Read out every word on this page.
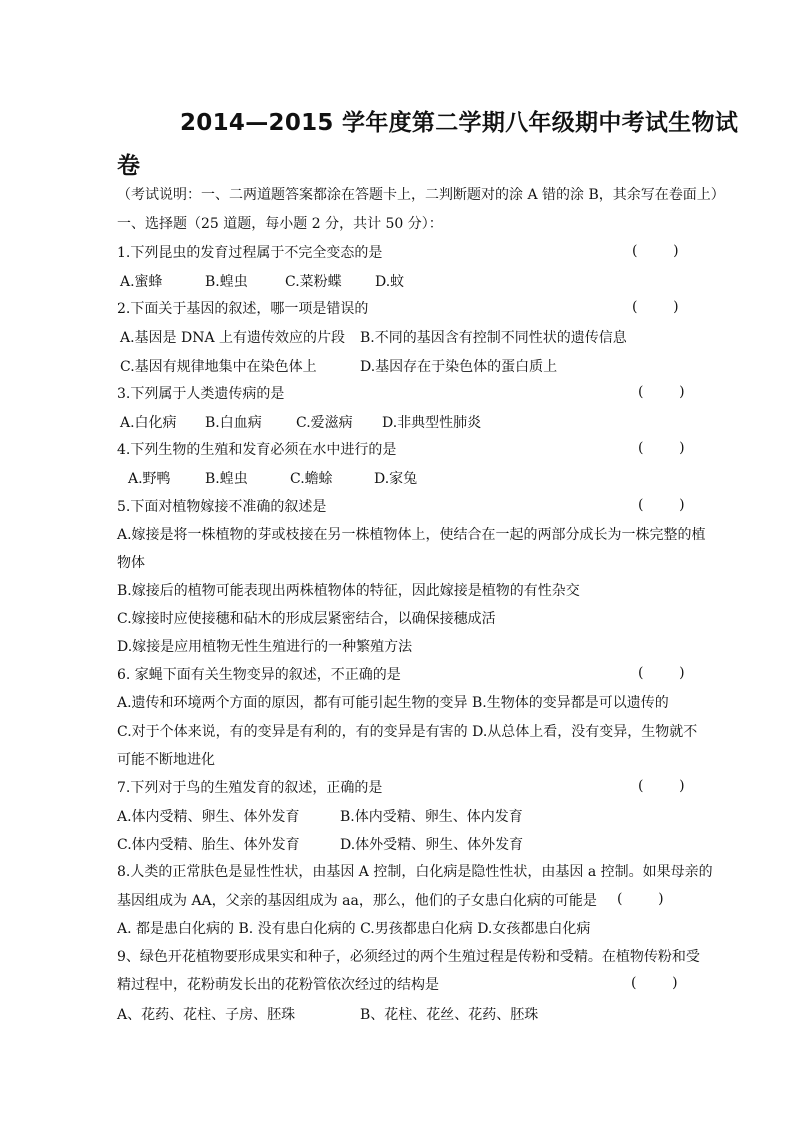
2014—2015 学年度第二学期八年级期中考试生物试
卷
（考试说明：一、二两道题答案都涂在答题卡上，二判断题对的涂 A 错的涂 B，其余写在卷面上）
一、选择题（25 道题，每小题 2 分，共计 50 分）：
1.下列昆虫的发育过程属于不完全变态的是	(        )
A.蜜蜂	B.蝗虫	C.菜粉蝶 D.蚊
2.下面关于基因的叙述，哪一项是错误的	(        )
A.基因是 DNA 上有遗传效应的片段 B.不同的基因含有控制不同性状的遗传信息
C.基因有规律地集中在染色体上	D.基因存在于染色体的蛋白质上
3.下列属于人类遗传病的是	(        )
A.白化病 B.白血病 C.爱滋病 D.非典型性肺炎
4.下列生物的生殖和发育必须在水中进行的是	(        )
A.野鸭 B.蝗虫	C.蟾蜍	D.家兔
5.下面对植物嫁接不准确的叙述是	(        )
A.嫁接是将一株植物的芽或枝接在另一株植物体上，使结合在一起的两部分成长为一株完整的植
物体
B.嫁接后的植物可能表现出两株植物体的特征，因此嫁接是植物的有性杂交
C.嫁接时应使接穗和砧木的形成层紧密结合，以确保接穗成活
D.嫁接是应用植物无性生殖进行的一种繁殖方法
6. 家蝇下面有关生物变异的叙述，不正确的是	(        )
A.遗传和环境两个方面的原因，都有可能引起生物的变异 B.生物体的变异都是可以遗传的
C.对于个体来说，有的变异是有利的，有的变异是有害的 D.从总体上看，没有变异，生物就不
可能不断地进化
7.下列对于鸟的生殖发育的叙述，正确的是	(        )
A.体内受精、卵生、体外发育	B.体内受精、卵生、体内发育
C.体内受精、胎生、体外发育	D.体外受精、卵生、体外发育
8.人类的正常肤色是显性性状，由基因 A 控制，白化病是隐性性状，由基因 a 控制。如果母亲的
基因组成为 AA，父亲的基因组成为 aa，那么，他们的子女患白化病的可能是	(        )
A. 都是患白化病的 B. 没有患白化病的 C.男孩都患白化病 D.女孩都患白化病
9、绿色开花植物要形成果实和种子，必须经过的两个生殖过程是传粉和受精。在植物传粉和受
精过程中，花粉萌发长出的花粉管依次经过的结构是	(        )
A、花药、花柱、子房、胚珠	B、花柱、花丝、花药、胚珠
